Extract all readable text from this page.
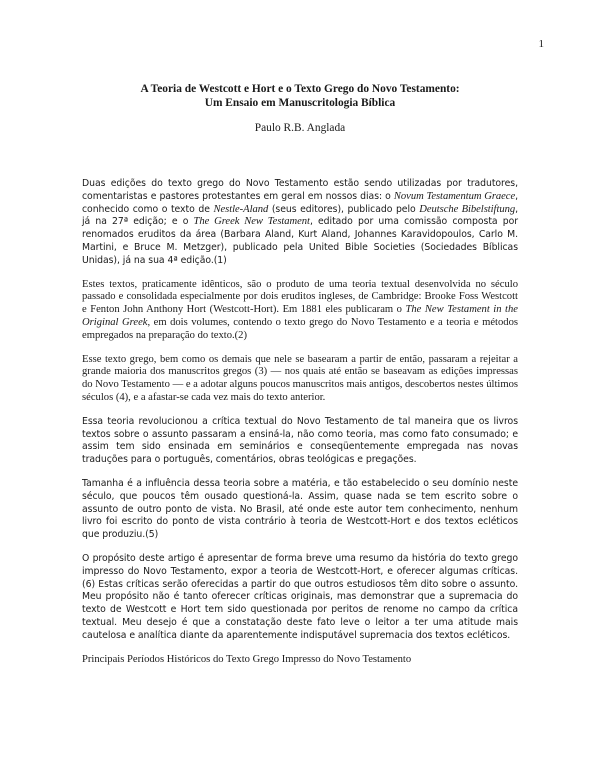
1

A Teoria de Westcott e Hort e o Texto Grego do Novo Testamento:
Um Ensaio em Manuscritologia Bíblica

Paulo R.B. Anglada

Duas edições do texto grego do Novo Testamento estão sendo utilizadas por tradutores, comentaristas e pastores protestantes em geral em nossos dias: o Novum Testamentum Graece, conhecido como o texto de Nestle-Aland (seus editores), publicado pelo Deutsche Bibelstiftung, já na 27ª edição; e o The Greek New Testament, editado por uma comissão composta por renomados eruditos da área (Barbara Aland, Kurt Aland, Johannes Karavidopoulos, Carlo M. Martini, e Bruce M. Metzger), publicado pela United Bible Societies (Sociedades Bíblicas Unidas), já na sua 4ª edição.(1)

Estes textos, praticamente idênticos, são o produto de uma teoria textual desenvolvida no século passado e consolidada especialmente por dois eruditos ingleses, de Cambridge: Brooke Foss Westcott e Fenton John Anthony Hort (Westcott-Hort). Em 1881 eles publicaram o The New Testament in the Original Greek, em dois volumes, contendo o texto grego do Novo Testamento e a teoria e métodos empregados na preparação do texto.(2)

Esse texto grego, bem como os demais que nele se basearam a partir de então, passaram a rejeitar a grande maioria dos manuscritos gregos (3) — nos quais até então se baseavam as edições impressas do Novo Testamento — e a adotar alguns poucos manuscritos mais antigos, descobertos nestes últimos séculos (4), e a afastar-se cada vez mais do texto anterior.

Essa teoria revolucionou a crítica textual do Novo Testamento de tal maneira que os livros textos sobre o assunto passaram a ensiná-la, não como teoria, mas como fato consumado; e assim tem sido ensinada em seminários e conseqüentemente empregada nas novas traduções para o português, comentários, obras teológicas e pregações.

Tamanha é a influência dessa teoria sobre a matéria, e tão estabelecido o seu domínio neste século, que poucos têm ousado questioná-la. Assim, quase nada se tem escrito sobre o assunto de outro ponto de vista. No Brasil, até onde este autor tem conhecimento, nenhum livro foi escrito do ponto de vista contrário à teoria de Westcott-Hort e dos textos ecléticos que produziu.(5)

O propósito deste artigo é apresentar de forma breve uma resumo da história do texto grego impresso do Novo Testamento, expor a teoria de Westcott-Hort, e oferecer algumas críticas.(6) Estas críticas serão oferecidas a partir do que outros estudiosos têm dito sobre o assunto. Meu propósito não é tanto oferecer críticas originais, mas demonstrar que a supremacia do texto de Westcott e Hort tem sido questionada por peritos de renome no campo da crítica textual. Meu desejo é que a constatação deste fato leve o leitor a ter uma atitude mais cautelosa e analítica diante da aparentemente indisputável supremacia dos textos ecléticos.

Principais Períodos Históricos do Texto Grego Impresso do Novo Testamento
